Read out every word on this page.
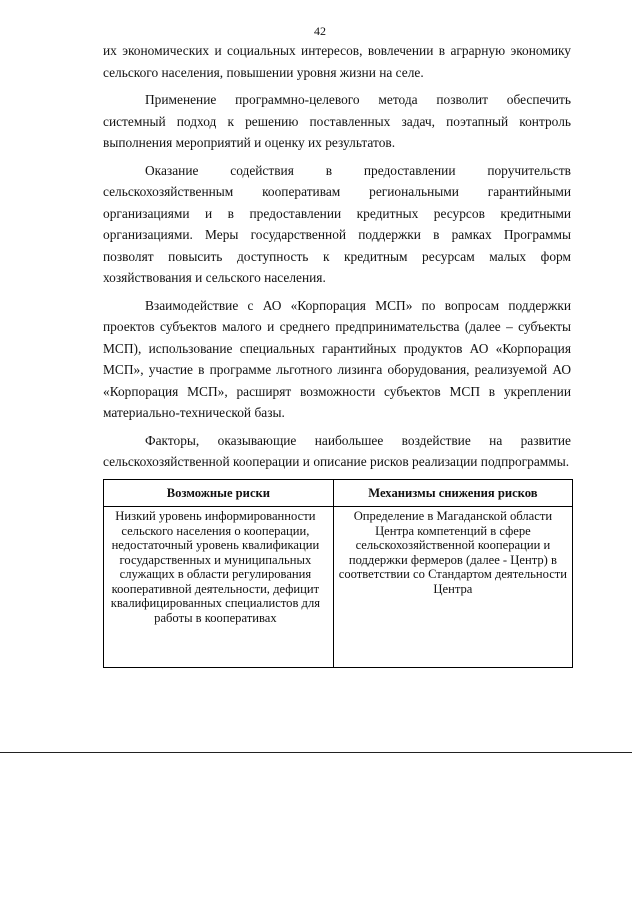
42

их экономических и социальных интересов, вовлечении в аграрную экономику сельского населения, повышении уровня жизни на селе.

Применение программно-целевого метода позволит обеспечить системный подход к решению поставленных задач, поэтапный контроль выполнения мероприятий и оценку их результатов.

Оказание содействия в предоставлении поручительств сельскохозяйственным кооперативам региональными гарантийными организациями и в предоставлении кредитных ресурсов кредитными организациями. Меры государственной поддержки в рамках Программы позволят повысить доступность к кредитным ресурсам малых форм хозяйствования и сельского населения.

Взаимодействие с АО «Корпорация МСП» по вопросам поддержки проектов субъектов малого и среднего предпринимательства (далее – субъекты МСП), использование специальных гарантийных продуктов АО «Корпорация МСП», участие в программе льготного лизинга оборудования, реализуемой АО «Корпорация МСП», расширят возможности субъектов МСП в укреплении материально-технической базы.

Факторы, оказывающие наибольшее воздействие на развитие сельскохозяйственной кооперации и описание рисков реализации подпрограммы.

Возможные риски	Механизмы снижения рисков
Низкий уровень информированности сельского населения о кооперации, недостаточный уровень квалификации государственных и муниципальных служащих в области регулирования кооперативной деятельности, дефицит квалифицированных специалистов для работы в кооперативах	Определение в Магаданской области Центра компетенций в сфере сельскохозяйственной кооперации и поддержки фермеров (далее - Центр) в соответствии со Стандартом деятельности Центра
